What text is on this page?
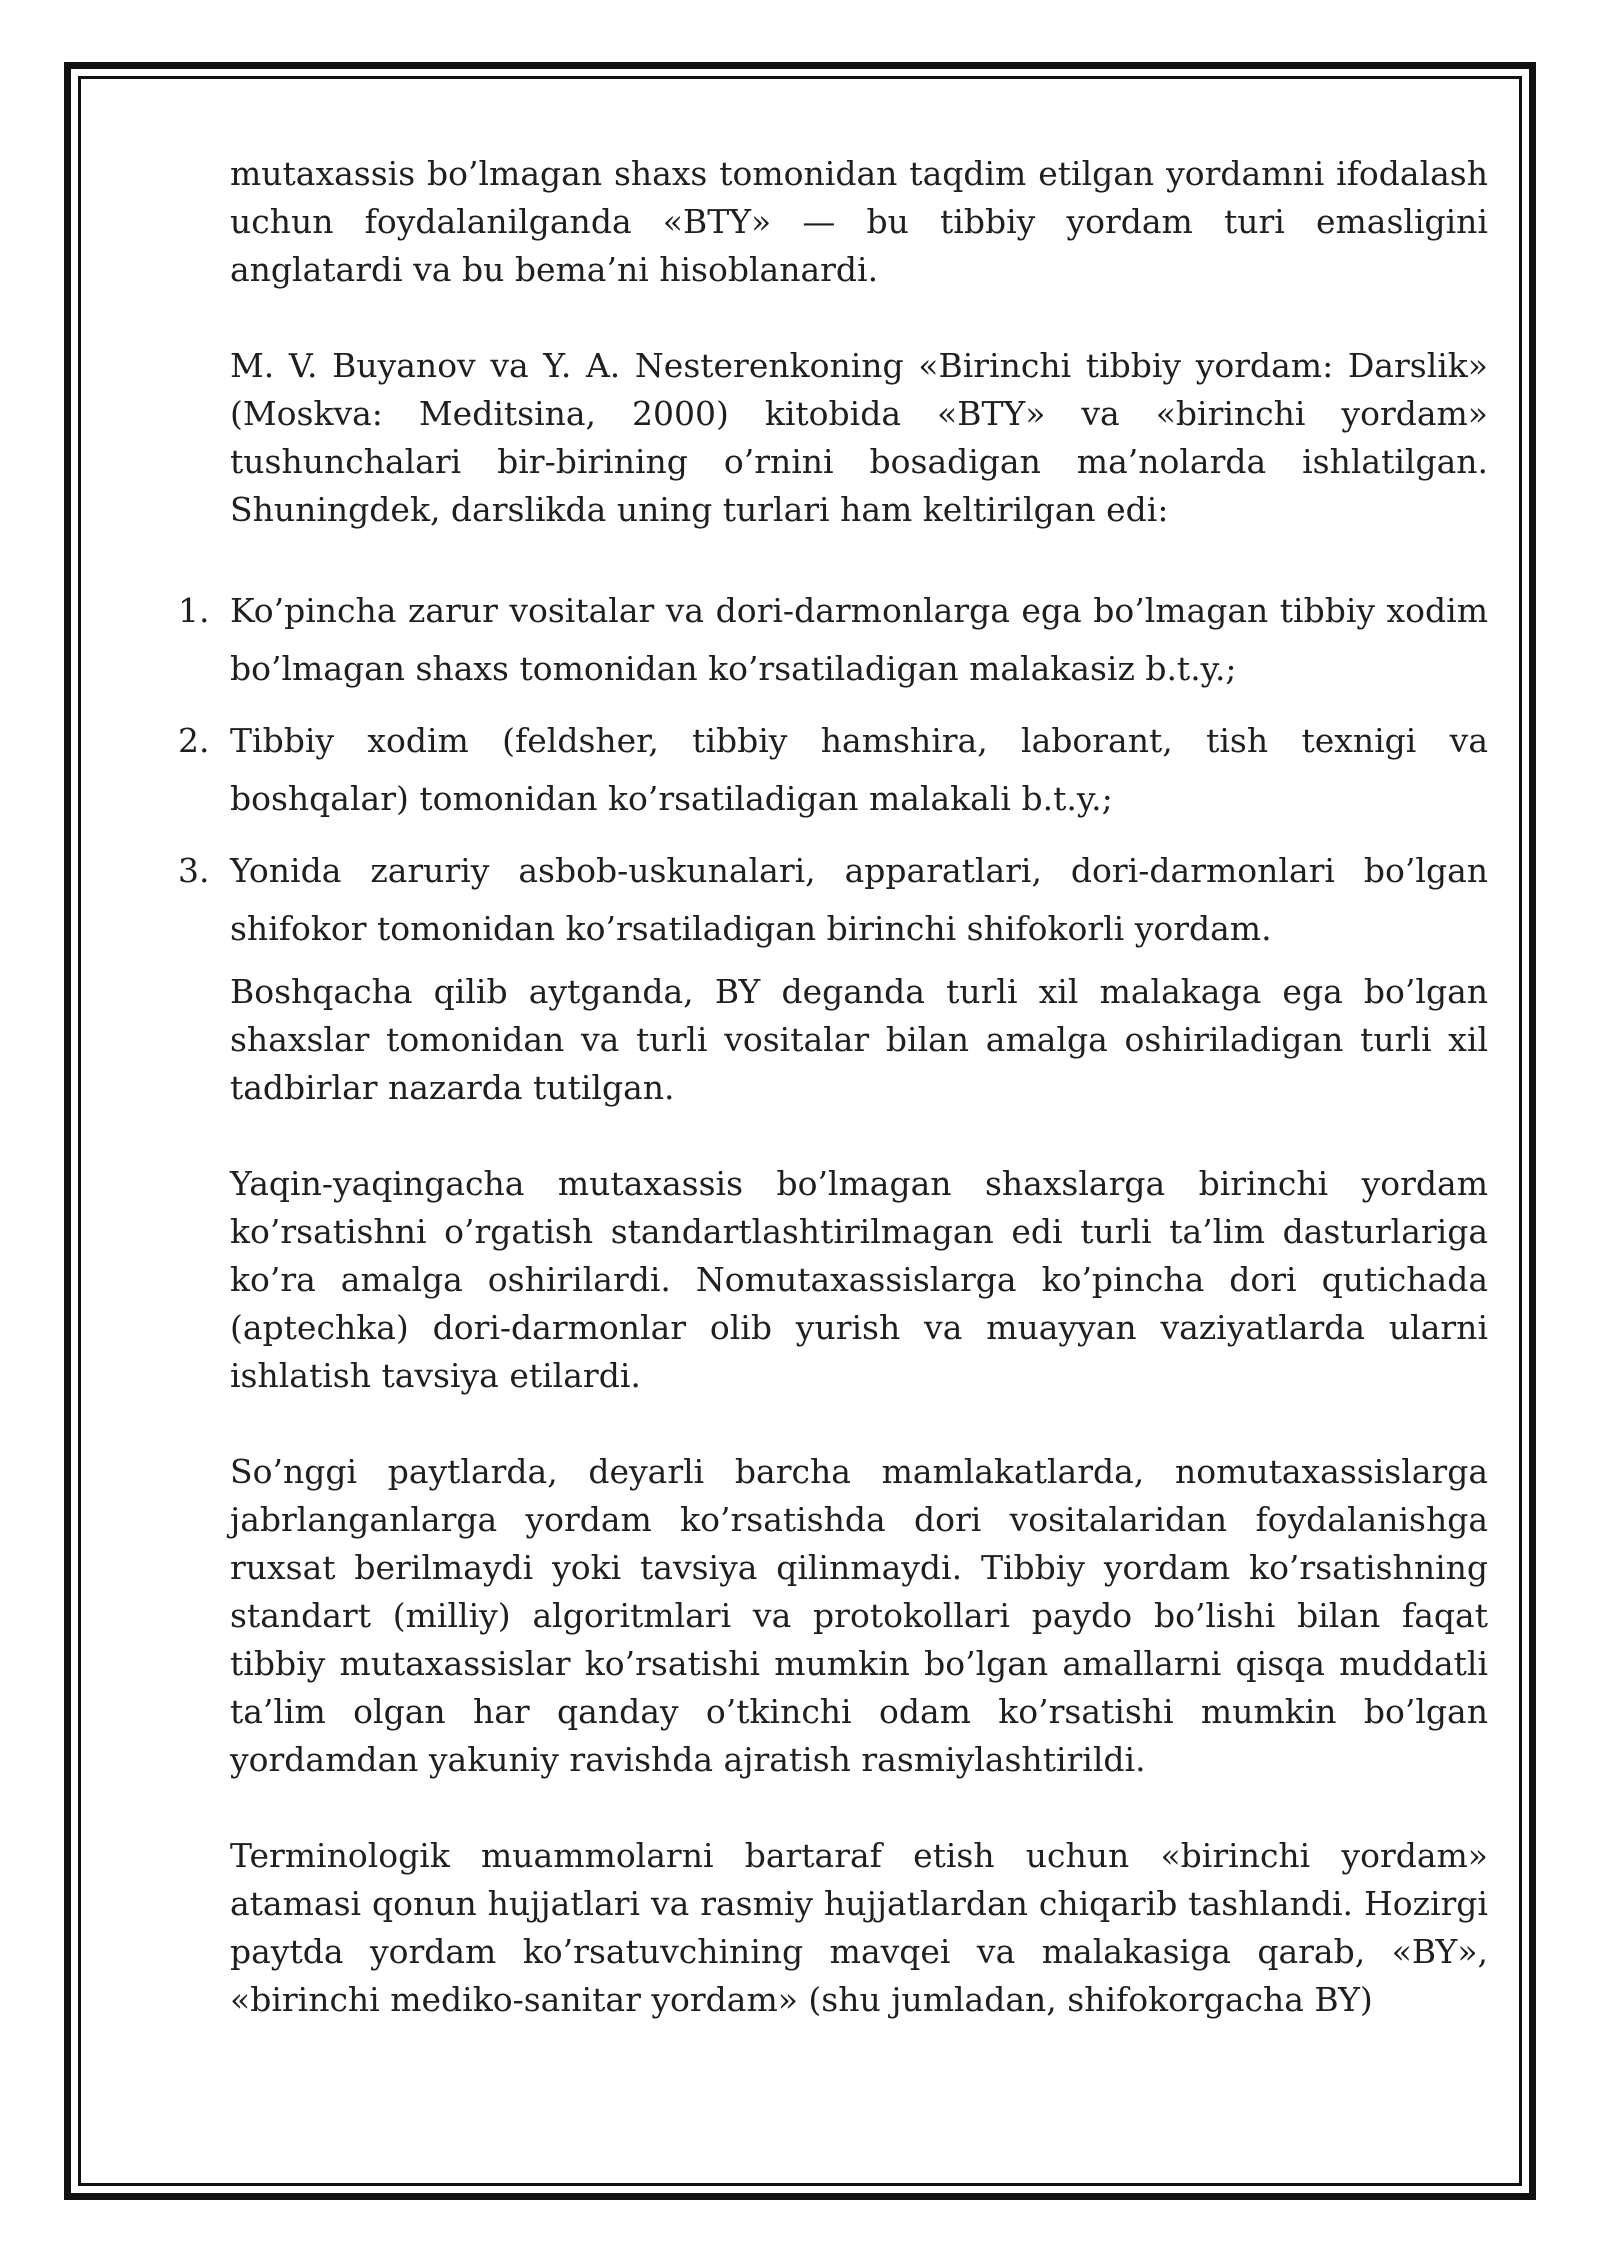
mutaxassis bo’lmagan shaxs tomonidan taqdim etilgan yordamni ifodalash uchun foydalanilganda «BTY» — bu tibbiy yordam turi emasligini anglatardi va bu bema’ni hisoblanardi.

M. V. Buyanov va Y. A. Nesterenkoning «Birinchi tibbiy yordam: Darslik» (Moskva: Meditsina, 2000) kitobida «BTY» va «birinchi yordam» tushunchalari bir-birining o’rnini bosadigan ma’nolarda ishlatilgan. Shuningdek, darslikda uning turlari ham keltirilgan edi:

1. Ko’pincha zarur vositalar va dori-darmonlarga ega bo’lmagan tibbiy xodim bo’lmagan shaxs tomonidan ko’rsatiladigan malakasiz b.t.y.;
2. Tibbiy xodim (feldsher, tibbiy hamshira, laborant, tish texnigi va boshqalar) tomonidan ko’rsatiladigan malakali b.t.y.;
3. Yonida zaruriy asbob-uskunalari, apparatlari, dori-darmonlari bo’lgan shifokor tomonidan ko’rsatiladigan birinchi shifokorli yordam.

Boshqacha qilib aytganda, BY deganda turli xil malakaga ega bo’lgan shaxslar tomonidan va turli vositalar bilan amalga oshiriladigan turli xil tadbirlar nazarda tutilgan.

Yaqin-yaqingacha mutaxassis bo’lmagan shaxslarga birinchi yordam ko’rsatishni o’rgatish standartlashtirilmagan edi turli ta’lim dasturlariga ko’ra amalga oshirilardi. Nomutaxassislarga ko’pincha dori qutichada (aptechka) dori-darmonlar olib yurish va muayyan vaziyatlarda ularni ishlatish tavsiya etilardi.

So’nggi paytlarda, deyarli barcha mamlakatlarda, nomutaxassislarga jabrlanganlarga yordam ko’rsatishda dori vositalaridan foydalanishga ruxsat berilmaydi yoki tavsiya qilinmaydi. Tibbiy yordam ko’rsatishning standart (milliy) algoritmlari va protokollari paydo bo’lishi bilan faqat tibbiy mutaxassislar ko’rsatishi mumkin bo’lgan amallarni qisqa muddatli ta’lim olgan har qanday o’tkinchi odam ko’rsatishi mumkin bo’lgan yordamdan yakuniy ravishda ajratish rasmiylashtirildi.

Terminologik muammolarni bartaraf etish uchun «birinchi yordam» atamasi qonun hujjatlari va rasmiy hujjatlardan chiqarib tashlandi. Hozirgi paytda yordam ko’rsatuvchining mavqei va malakasiga qarab, «BY», «birinchi mediko-sanitar yordam» (shu jumladan, shifokorgacha BY)
